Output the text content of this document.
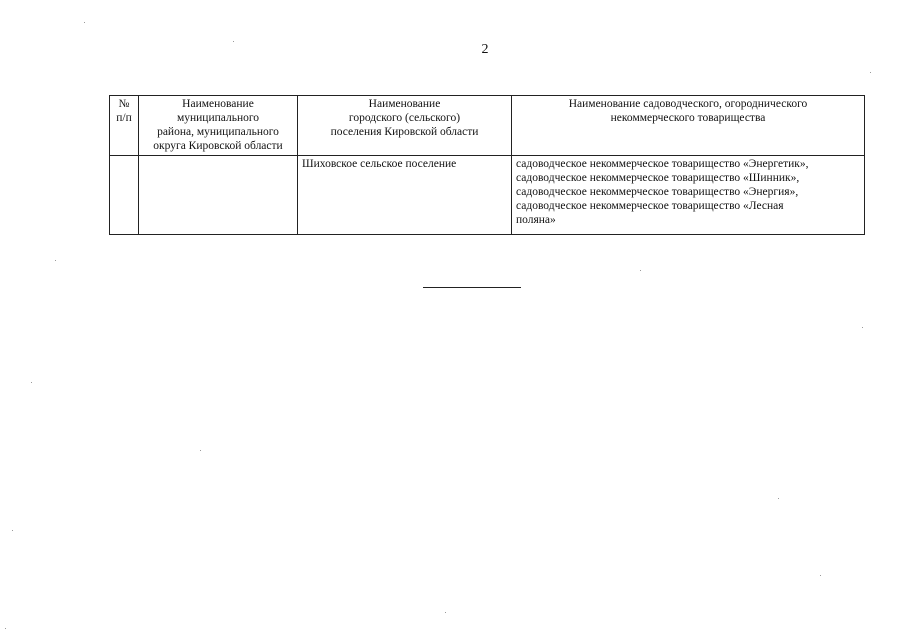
2
№
п/п	Наименование
муниципального
района, муниципального
округа Кировской области	Наименование
городского (сельского)
поселения Кировской области	Наименование садоводческого, огороднического
некоммерческого товарищества

		Шиховское сельское поселение	садоводческое некоммерческое товарищество «Энергетик»,
садоводческое некоммерческое товарищество «Шинник»,
садоводческое некоммерческое товарищество «Энергия»,
садоводческое некоммерческое товарищество «Лесная
поляна»
